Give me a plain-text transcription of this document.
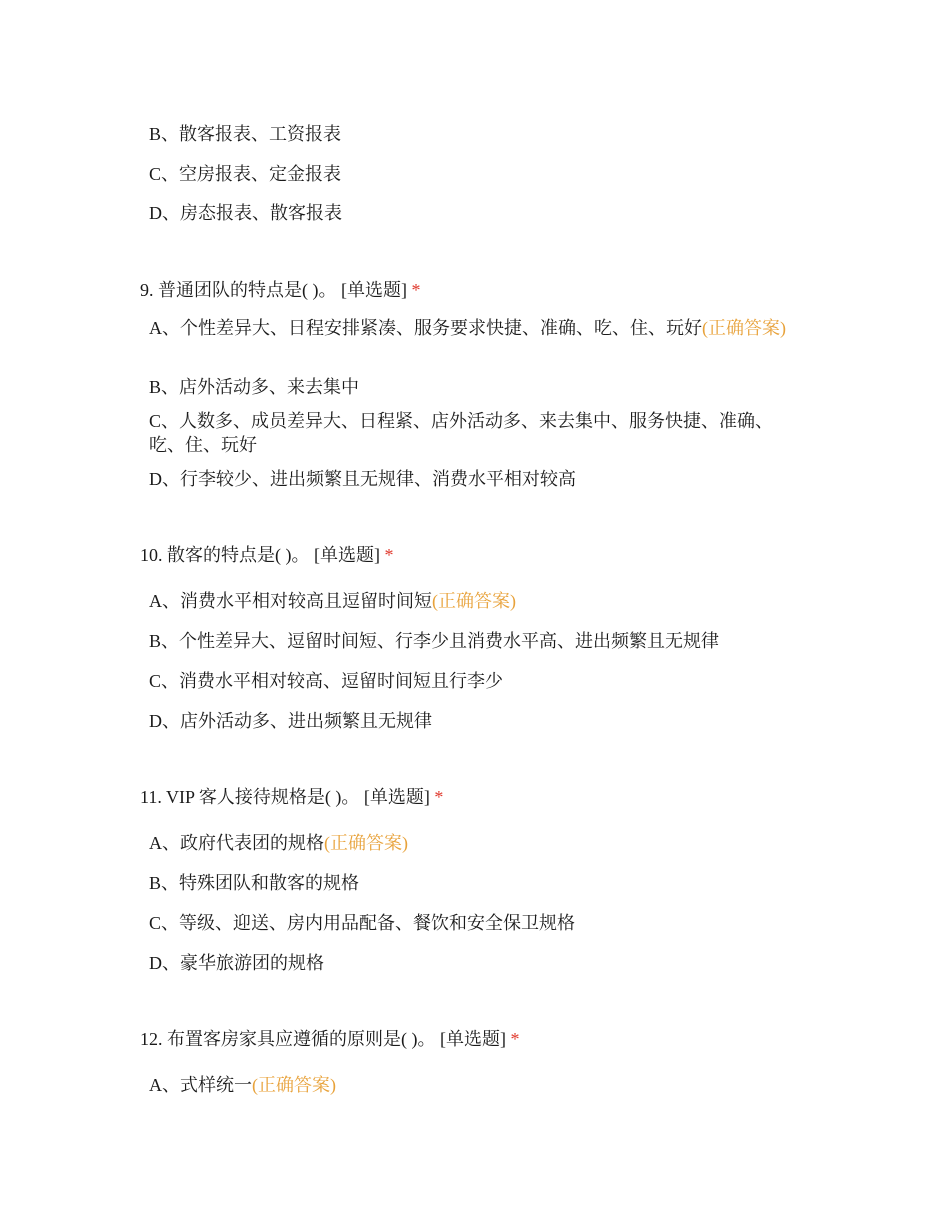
B、散客报表、工资报表
C、空房报表、定金报表
D、房态报表、散客报表
9. 普通团队的特点是( )。 [单选题] *
A、个性差异大、日程安排紧凑、服务要求快捷、准确、吃、住、玩好(正确答案)
B、店外活动多、来去集中
C、人数多、成员差异大、日程紧、店外活动多、来去集中、服务快捷、准确、吃、住、玩好
D、行李较少、进出频繁且无规律、消费水平相对较高
10. 散客的特点是( )。 [单选题] *
A、消费水平相对较高且逗留时间短(正确答案)
B、个性差异大、逗留时间短、行李少且消费水平高、进出频繁且无规律
C、消费水平相对较高、逗留时间短且行李少
D、店外活动多、进出频繁且无规律
11. VIP 客人接待规格是( )。 [单选题] *
A、政府代表团的规格(正确答案)
B、特殊团队和散客的规格
C、等级、迎送、房内用品配备、餐饮和安全保卫规格
D、豪华旅游团的规格
12. 布置客房家具应遵循的原则是( )。 [单选题] *
A、式样统一(正确答案)
